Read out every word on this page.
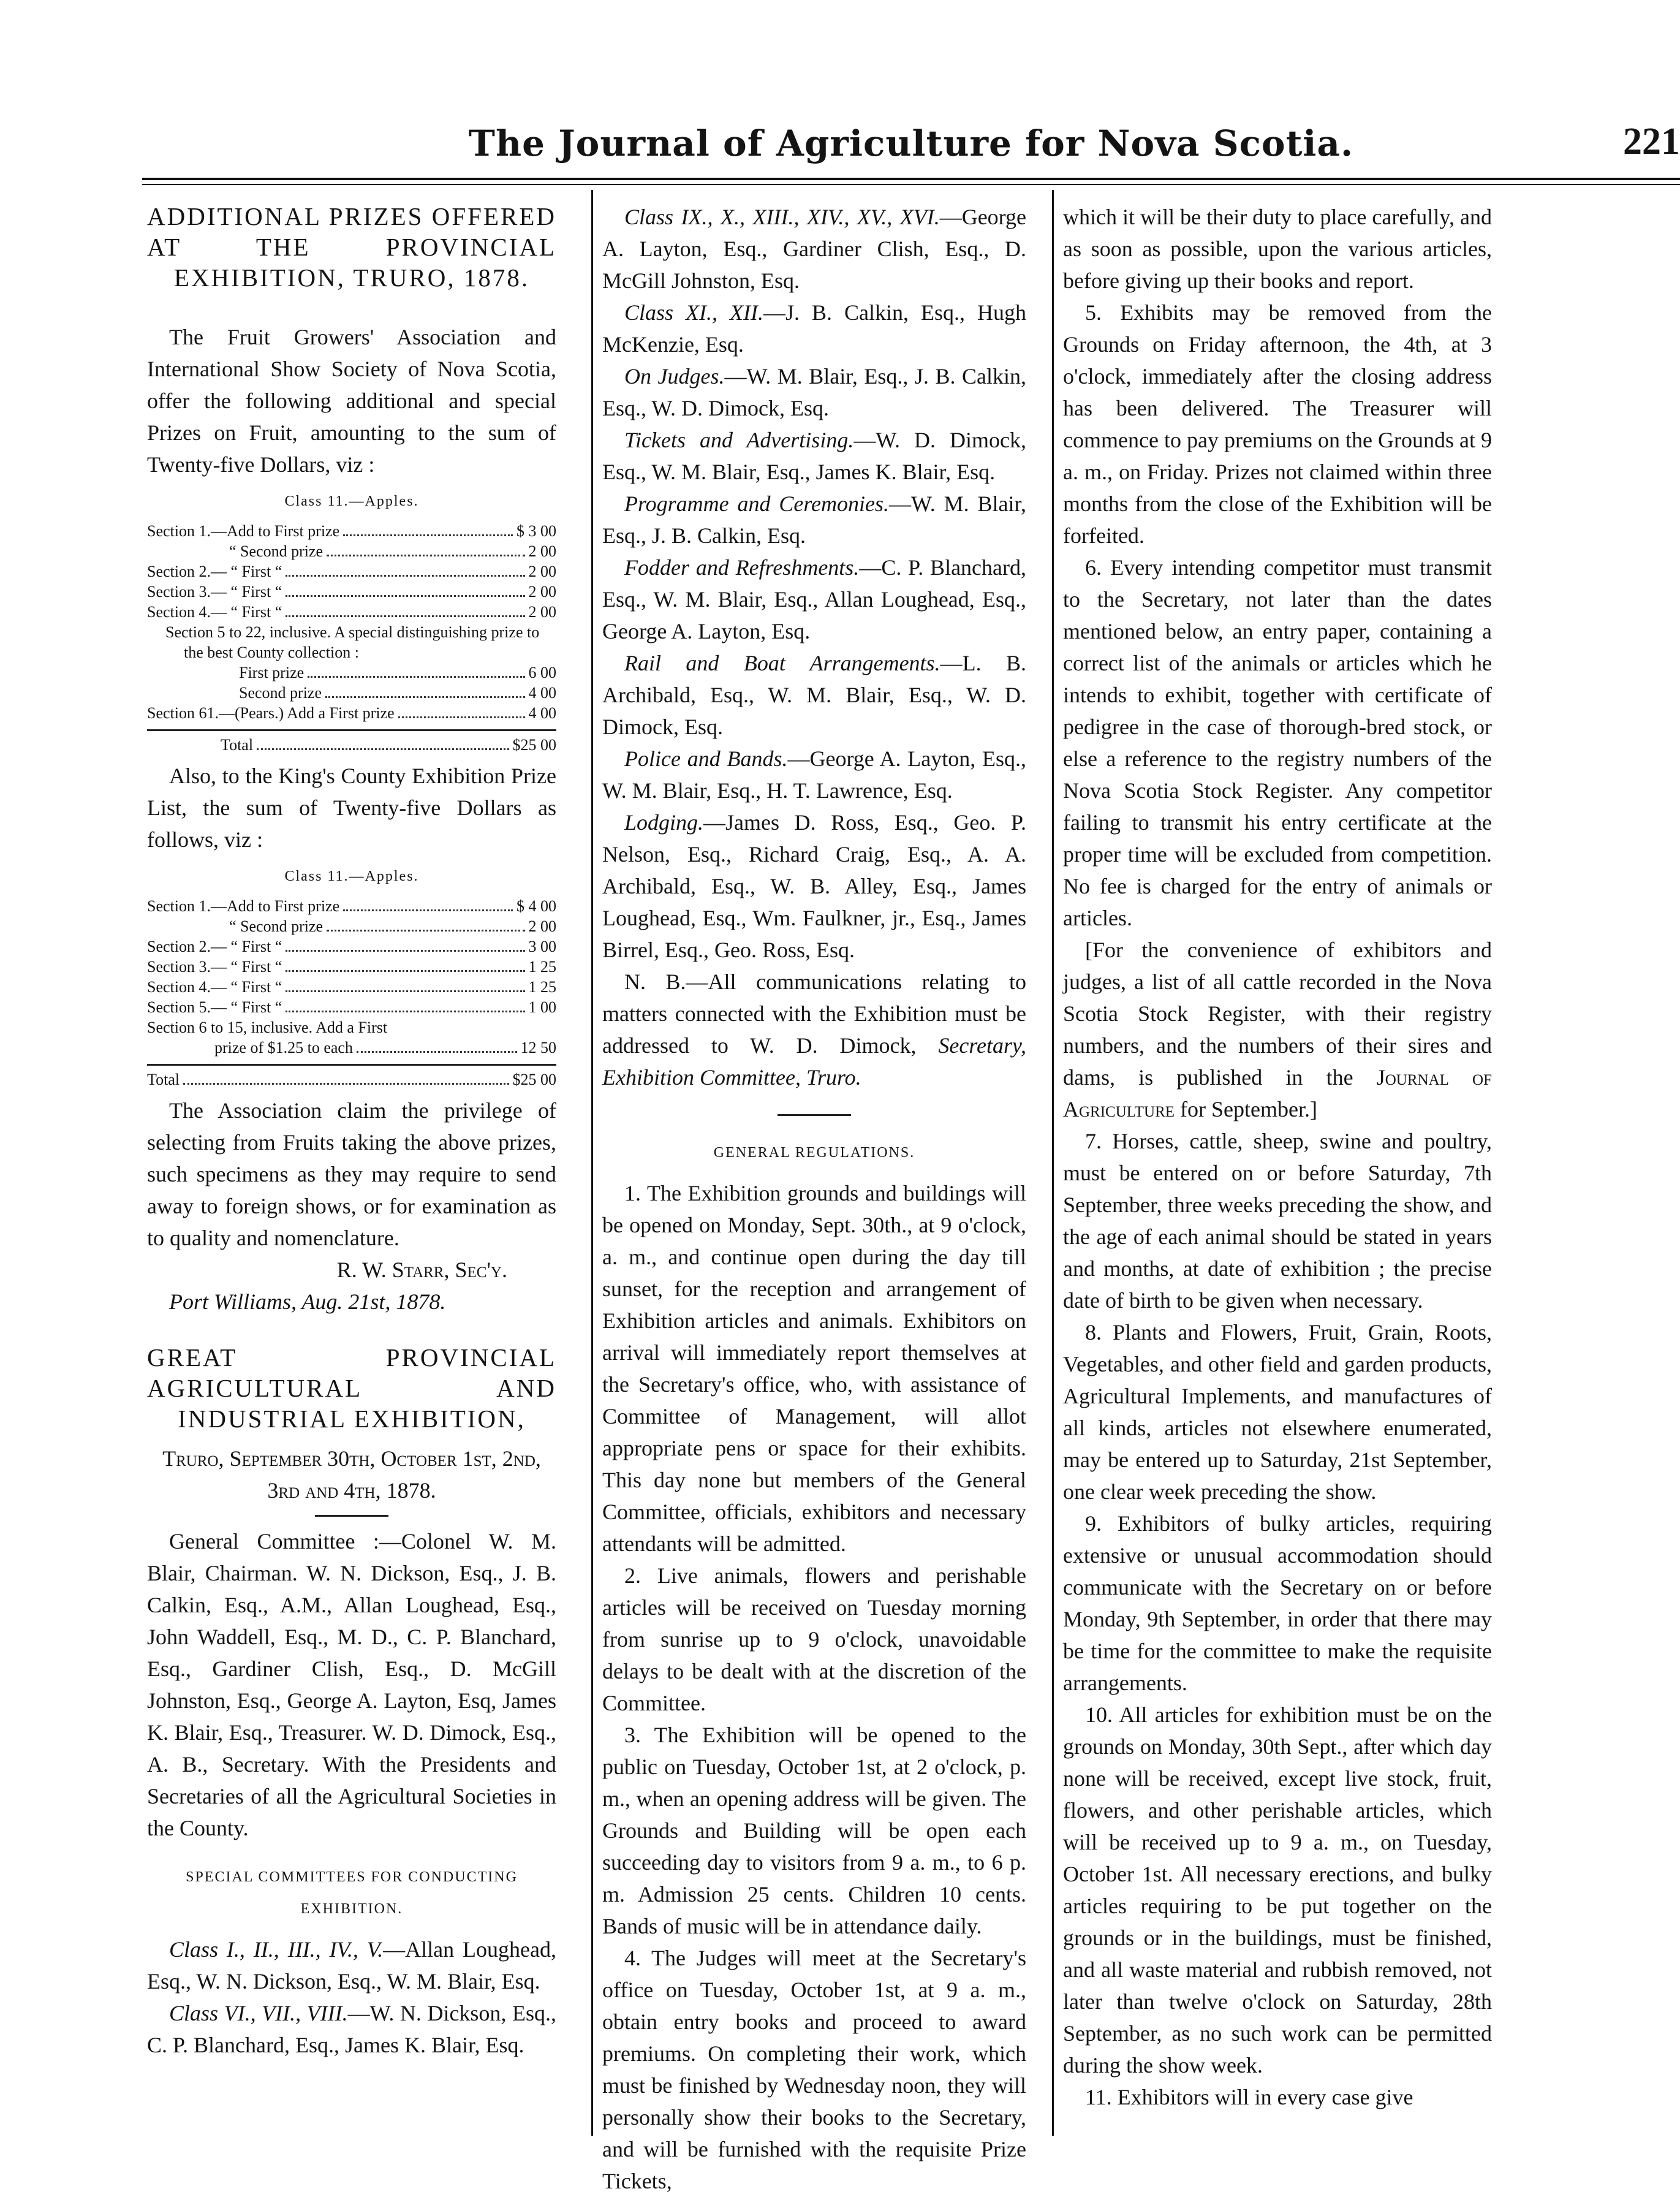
The Journal of Agriculture for Nova Scotia.	221
ADDITIONAL PRIZES OFFERED AT THE PROVINCIAL EXHIBITION, TRURO, 1878.

The Fruit Growers' Association and International Show Society of Nova Scotia, offer the following additional and special Prizes on Fruit, amounting to the sum of Twenty-five Dollars, viz :

Class 11.—Apples.
Section 1.—Add to First prize	$ 3 00
“ Second prize	2 00
Section 2.— “ First “	2 00
Section 3.— “ First “	2 00
Section 4.— “ First “	2 00
Section 5 to 22, inclusive. A special distinguishing prize to the best County collection :
First prize	6 00
Second prize	4 00
Section 61.—(Pears.) Add a First prize	4 00
Total	$25 00

Also, to the King's County Exhibition Prize List, the sum of Twenty-five Dollars as follows, viz :

Class 11.—Apples.
Section 1.—Add to First prize	$ 4 00
“ Second prize	2 00
Section 2.— “ First “	3 00
Section 3.— “ First “	1 25
Section 4.— “ First “	1 25
Section 5.— “ First “	1 00
Section 6 to 15, inclusive. Add a First
prize of $1.25 to each	12 50
Total	$25 00

The Association claim the privilege of selecting from Fruits taking the above prizes, such specimens as they may require to send away to foreign shows, or for examination as to quality and nomenclature.

R. W. Starr, Sec'y.

Port Williams, Aug. 21st, 1878.

GREAT PROVINCIAL AGRICULTURAL AND INDUSTRIAL EXHIBITION,

Truro, September 30th, October 1st, 2nd, 3rd and 4th, 1878.

General Committee :—Colonel W. M. Blair, Chairman. W. N. Dickson, Esq., J. B. Calkin, Esq., A.M., Allan Loughead, Esq., John Waddell, Esq., M. D., C. P. Blanchard, Esq., Gardiner Clish, Esq., D. McGill Johnston, Esq., George A. Layton, Esq, James K. Blair, Esq., Treasurer. W. D. Dimock, Esq., A. B., Secretary. With the Presidents and Secretaries of all the Agricultural Societies in the County.

SPECIAL COMMITTEES FOR CONDUCTING EXHIBITION.

Class I., II., III., IV., V.—Allan Loughead, Esq., W. N. Dickson, Esq., W. M. Blair, Esq.

Class VI., VII., VIII.—W. N. Dickson, Esq., C. P. Blanchard, Esq., James K. Blair, Esq.

Class IX., X., XIII., XIV., XV., XVI.—George A. Layton, Esq., Gardiner Clish, Esq., D. McGill Johnston, Esq.

Class XI., XII.—J. B. Calkin, Esq., Hugh McKenzie, Esq.

On Judges.—W. M. Blair, Esq., J. B. Calkin, Esq., W. D. Dimock, Esq.

Tickets and Advertising.—W. D. Dimock, Esq., W. M. Blair, Esq., James K. Blair, Esq.

Programme and Ceremonies.—W. M. Blair, Esq., J. B. Calkin, Esq.

Fodder and Refreshments.—C. P. Blanchard, Esq., W. M. Blair, Esq., Allan Loughead, Esq., George A. Layton, Esq.

Rail and Boat Arrangements.—L. B. Archibald, Esq., W. M. Blair, Esq., W. D. Dimock, Esq.

Police and Bands.—George A. Layton, Esq., W. M. Blair, Esq., H. T. Lawrence, Esq.

Lodging.—James D. Ross, Esq., Geo. P. Nelson, Esq., Richard Craig, Esq., A. A. Archibald, Esq., W. B. Alley, Esq., James Loughead, Esq., Wm. Faulkner, jr., Esq., James Birrel, Esq., Geo. Ross, Esq.

N. B.—All communications relating to matters connected with the Exhibition must be addressed to W. D. Dimock, Secretary, Exhibition Committee, Truro.

GENERAL REGULATIONS.

1. The Exhibition grounds and buildings will be opened on Monday, Sept. 30th., at 9 o'clock, a. m., and continue open during the day till sunset, for the reception and arrangement of Exhibition articles and animals. Exhibitors on arrival will immediately report themselves at the Secretary's office, who, with assistance of Committee of Management, will allot appropriate pens or space for their exhibits. This day none but members of the General Committee, officials, exhibitors and necessary attendants will be admitted.

2. Live animals, flowers and perishable articles will be received on Tuesday morning from sunrise up to 9 o'clock, unavoidable delays to be dealt with at the discretion of the Committee.

3. The Exhibition will be opened to the public on Tuesday, October 1st, at 2 o'clock, p. m., when an opening address will be given. The Grounds and Building will be open each succeeding day to visitors from 9 a. m., to 6 p. m. Admission 25 cents. Children 10 cents. Bands of music will be in attendance daily.

4. The Judges will meet at the Secretary's office on Tuesday, October 1st, at 9 a. m., obtain entry books and proceed to award premiums. On completing their work, which must be finished by Wednesday noon, they will personally show their books to the Secretary, and will be furnished with the requisite Prize Tickets,

which it will be their duty to place carefully, and as soon as possible, upon the various articles, before giving up their books and report.

5. Exhibits may be removed from the Grounds on Friday afternoon, the 4th, at 3 o'clock, immediately after the closing address has been delivered. The Treasurer will commence to pay premiums on the Grounds at 9 a. m., on Friday. Prizes not claimed within three months from the close of the Exhibition will be forfeited.

6. Every intending competitor must transmit to the Secretary, not later than the dates mentioned below, an entry paper, containing a correct list of the animals or articles which he intends to exhibit, together with certificate of pedigree in the case of thorough-bred stock, or else a reference to the registry numbers of the Nova Scotia Stock Register. Any competitor failing to transmit his entry certificate at the proper time will be excluded from competition. No fee is charged for the entry of animals or articles.

[For the convenience of exhibitors and judges, a list of all cattle recorded in the Nova Scotia Stock Register, with their registry numbers, and the numbers of their sires and dams, is published in the Journal of Agriculture for September.]

7. Horses, cattle, sheep, swine and poultry, must be entered on or before Saturday, 7th September, three weeks preceding the show, and the age of each animal should be stated in years and months, at date of exhibition ; the precise date of birth to be given when necessary.

8. Plants and Flowers, Fruit, Grain, Roots, Vegetables, and other field and garden products, Agricultural Implements, and manufactures of all kinds, articles not elsewhere enumerated, may be entered up to Saturday, 21st September, one clear week preceding the show.

9. Exhibitors of bulky articles, requiring extensive or unusual accommodation should communicate with the Secretary on or before Monday, 9th September, in order that there may be time for the committee to make the requisite arrangements.

10. All articles for exhibition must be on the grounds on Monday, 30th Sept., after which day none will be received, except live stock, fruit, flowers, and other perishable articles, which will be received up to 9 a. m., on Tuesday, October 1st. All necessary erections, and bulky articles requiring to be put together on the grounds or in the buildings, must be finished, and all waste material and rubbish removed, not later than twelve o'clock on Saturday, 28th September, as no such work can be permitted during the show week.

11. Exhibitors will in every case give
